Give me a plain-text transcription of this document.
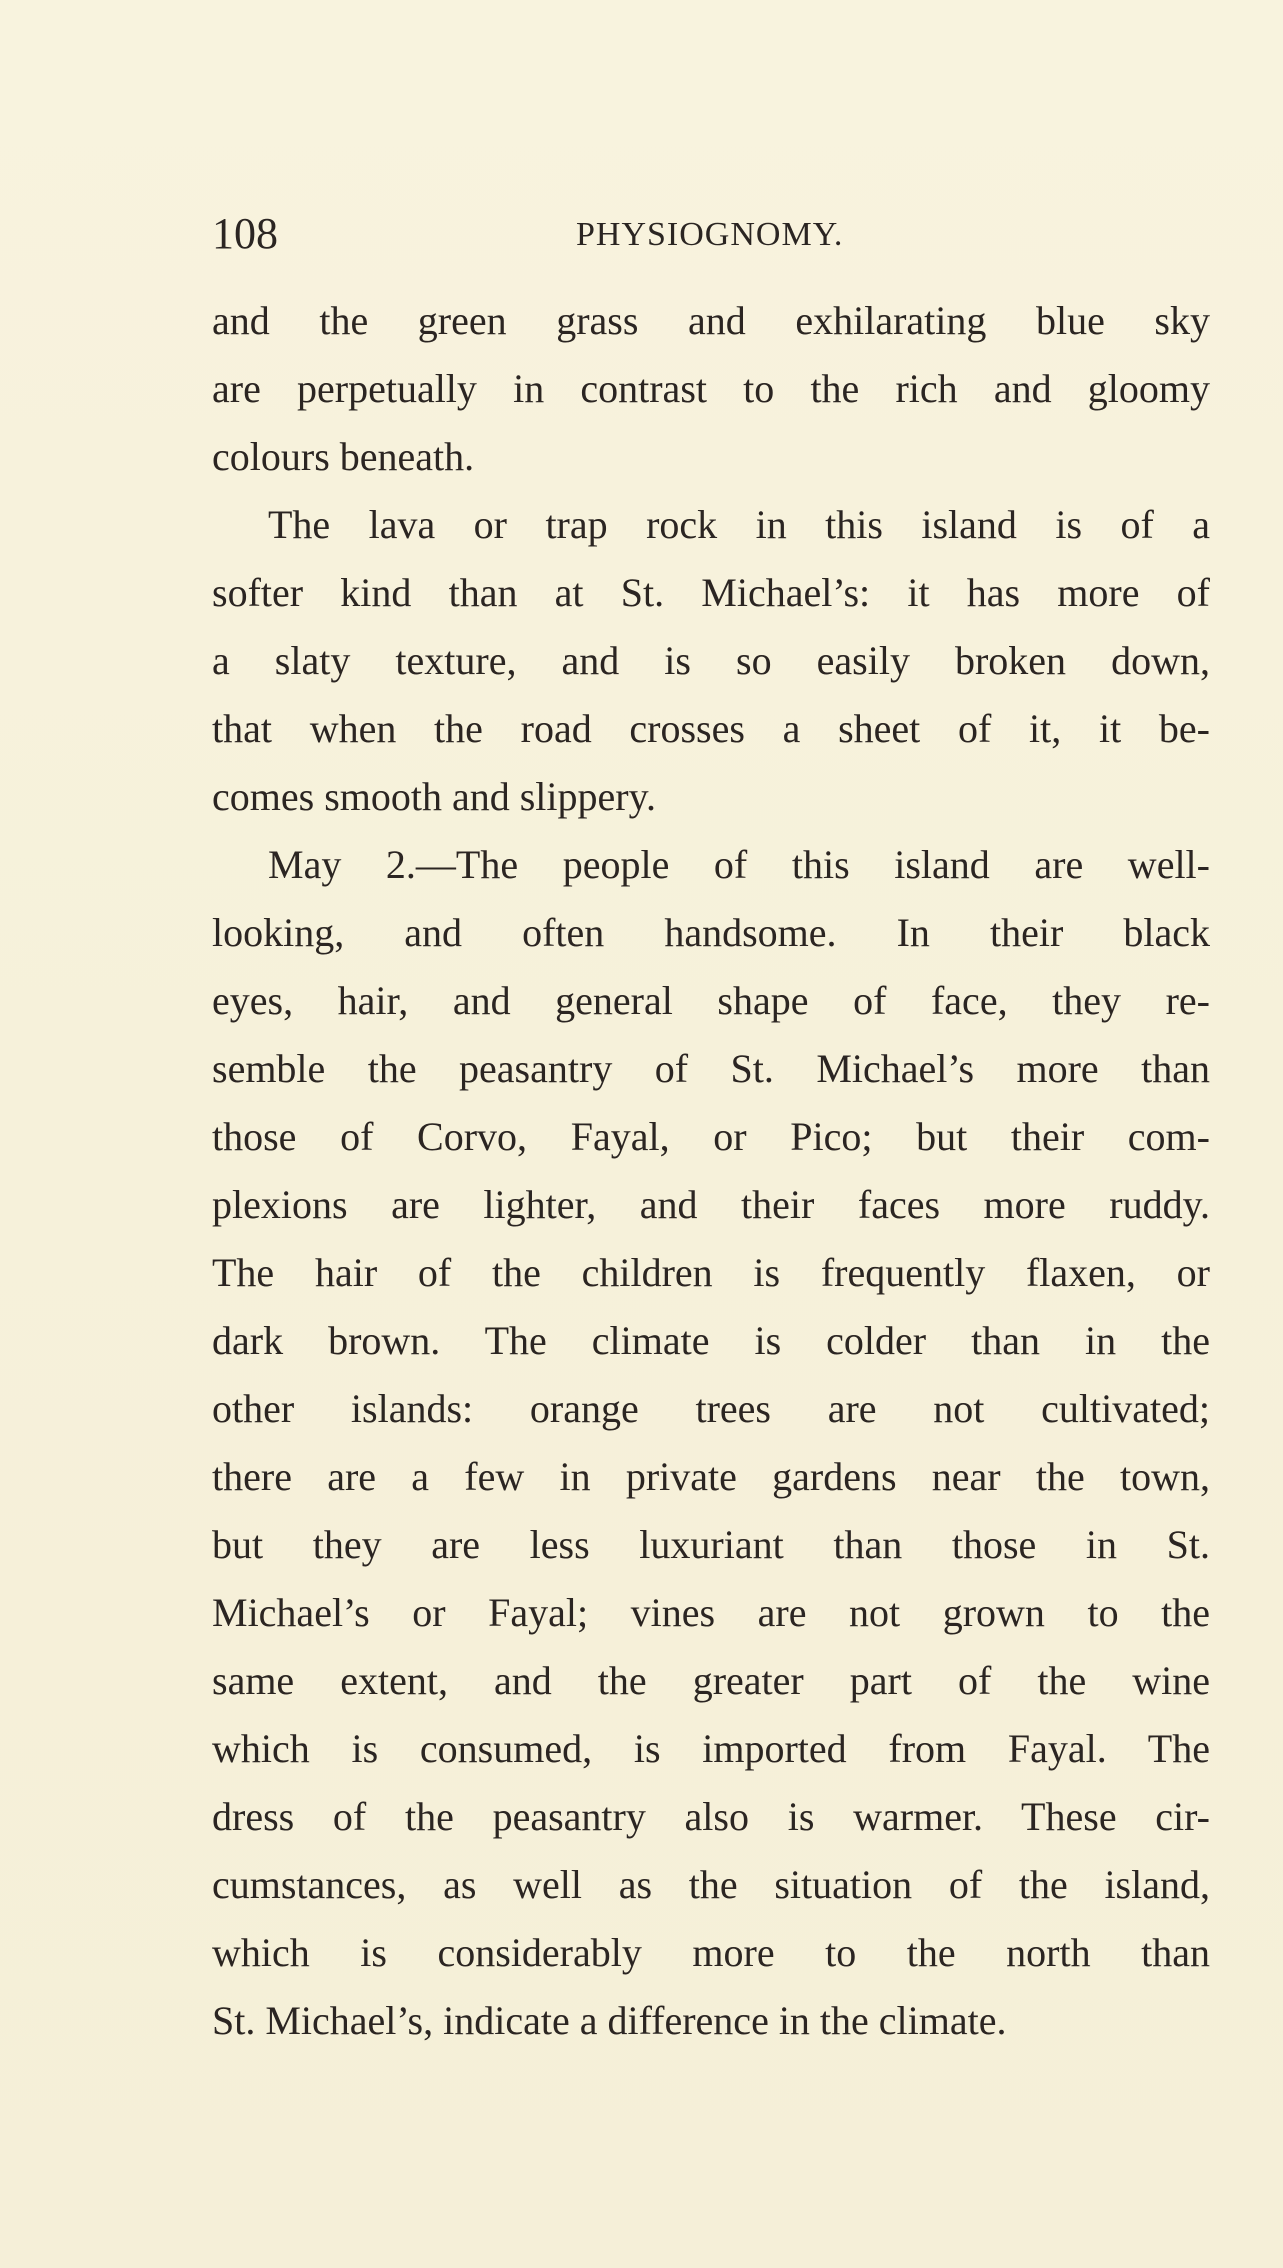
108	PHYSIOGNOMY.
and the green grass and exhilarating blue sky
are perpetually in contrast to the rich and gloomy
colours beneath.
The lava or trap rock in this island is of a
softer kind than at St. Michael’s: it has more of
a slaty texture, and is so easily broken down,
that when the road crosses a sheet of it, it be-
comes smooth and slippery.
May 2.—The people of this island are well-
looking, and often handsome. In their black
eyes, hair, and general shape of face, they re-
semble the peasantry of St. Michael’s more than
those of Corvo, Fayal, or Pico; but their com-
plexions are lighter, and their faces more ruddy.
The hair of the children is frequently flaxen, or
dark brown. The climate is colder than in the
other islands: orange trees are not cultivated;
there are a few in private gardens near the town,
but they are less luxuriant than those in St.
Michael’s or Fayal; vines are not grown to the
same extent, and the greater part of the wine
which is consumed, is imported from Fayal. The
dress of the peasantry also is warmer. These cir-
cumstances, as well as the situation of the island,
which is considerably more to the north than
St. Michael’s, indicate a difference in the climate.
